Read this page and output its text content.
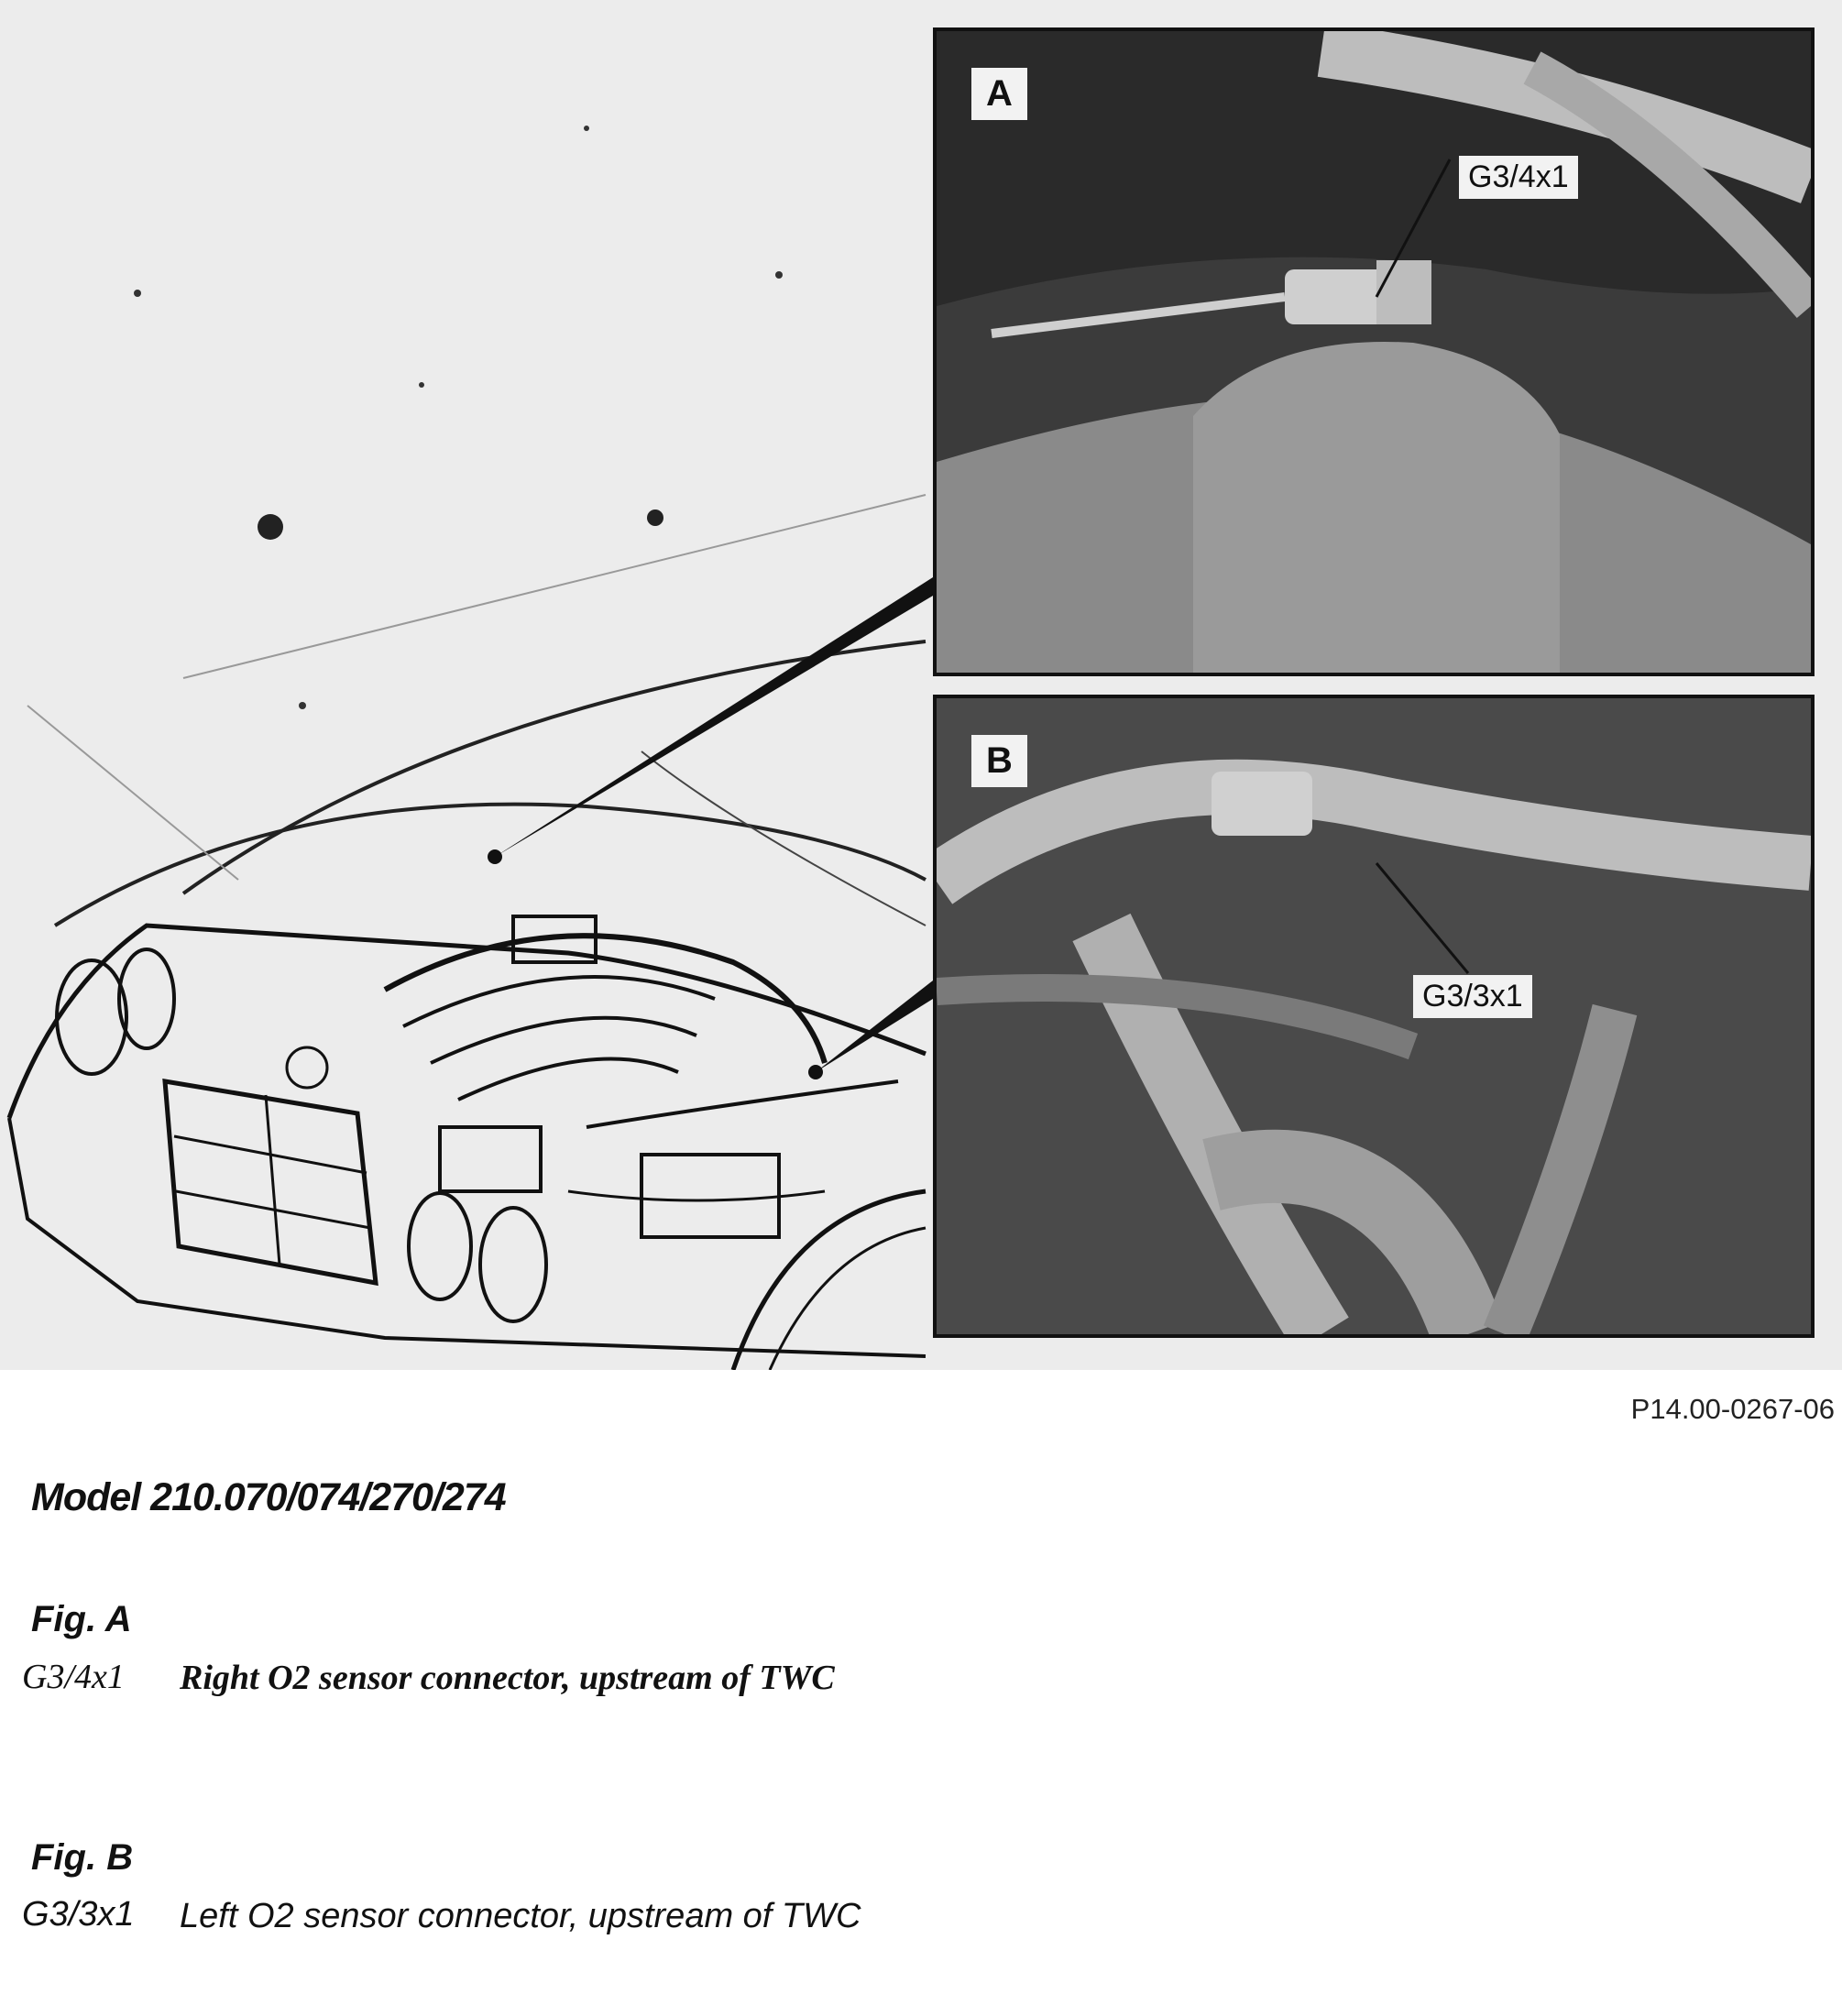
A
G3/4x1
B
G3/3x1
P14.00-0267-06
Model 210.070/074/270/274
Fig. A
G3/4x1 Right O2 sensor connector, upstream of TWC
Fig. B
G3/3x1 Left O2 sensor connector, upstream of TWC
